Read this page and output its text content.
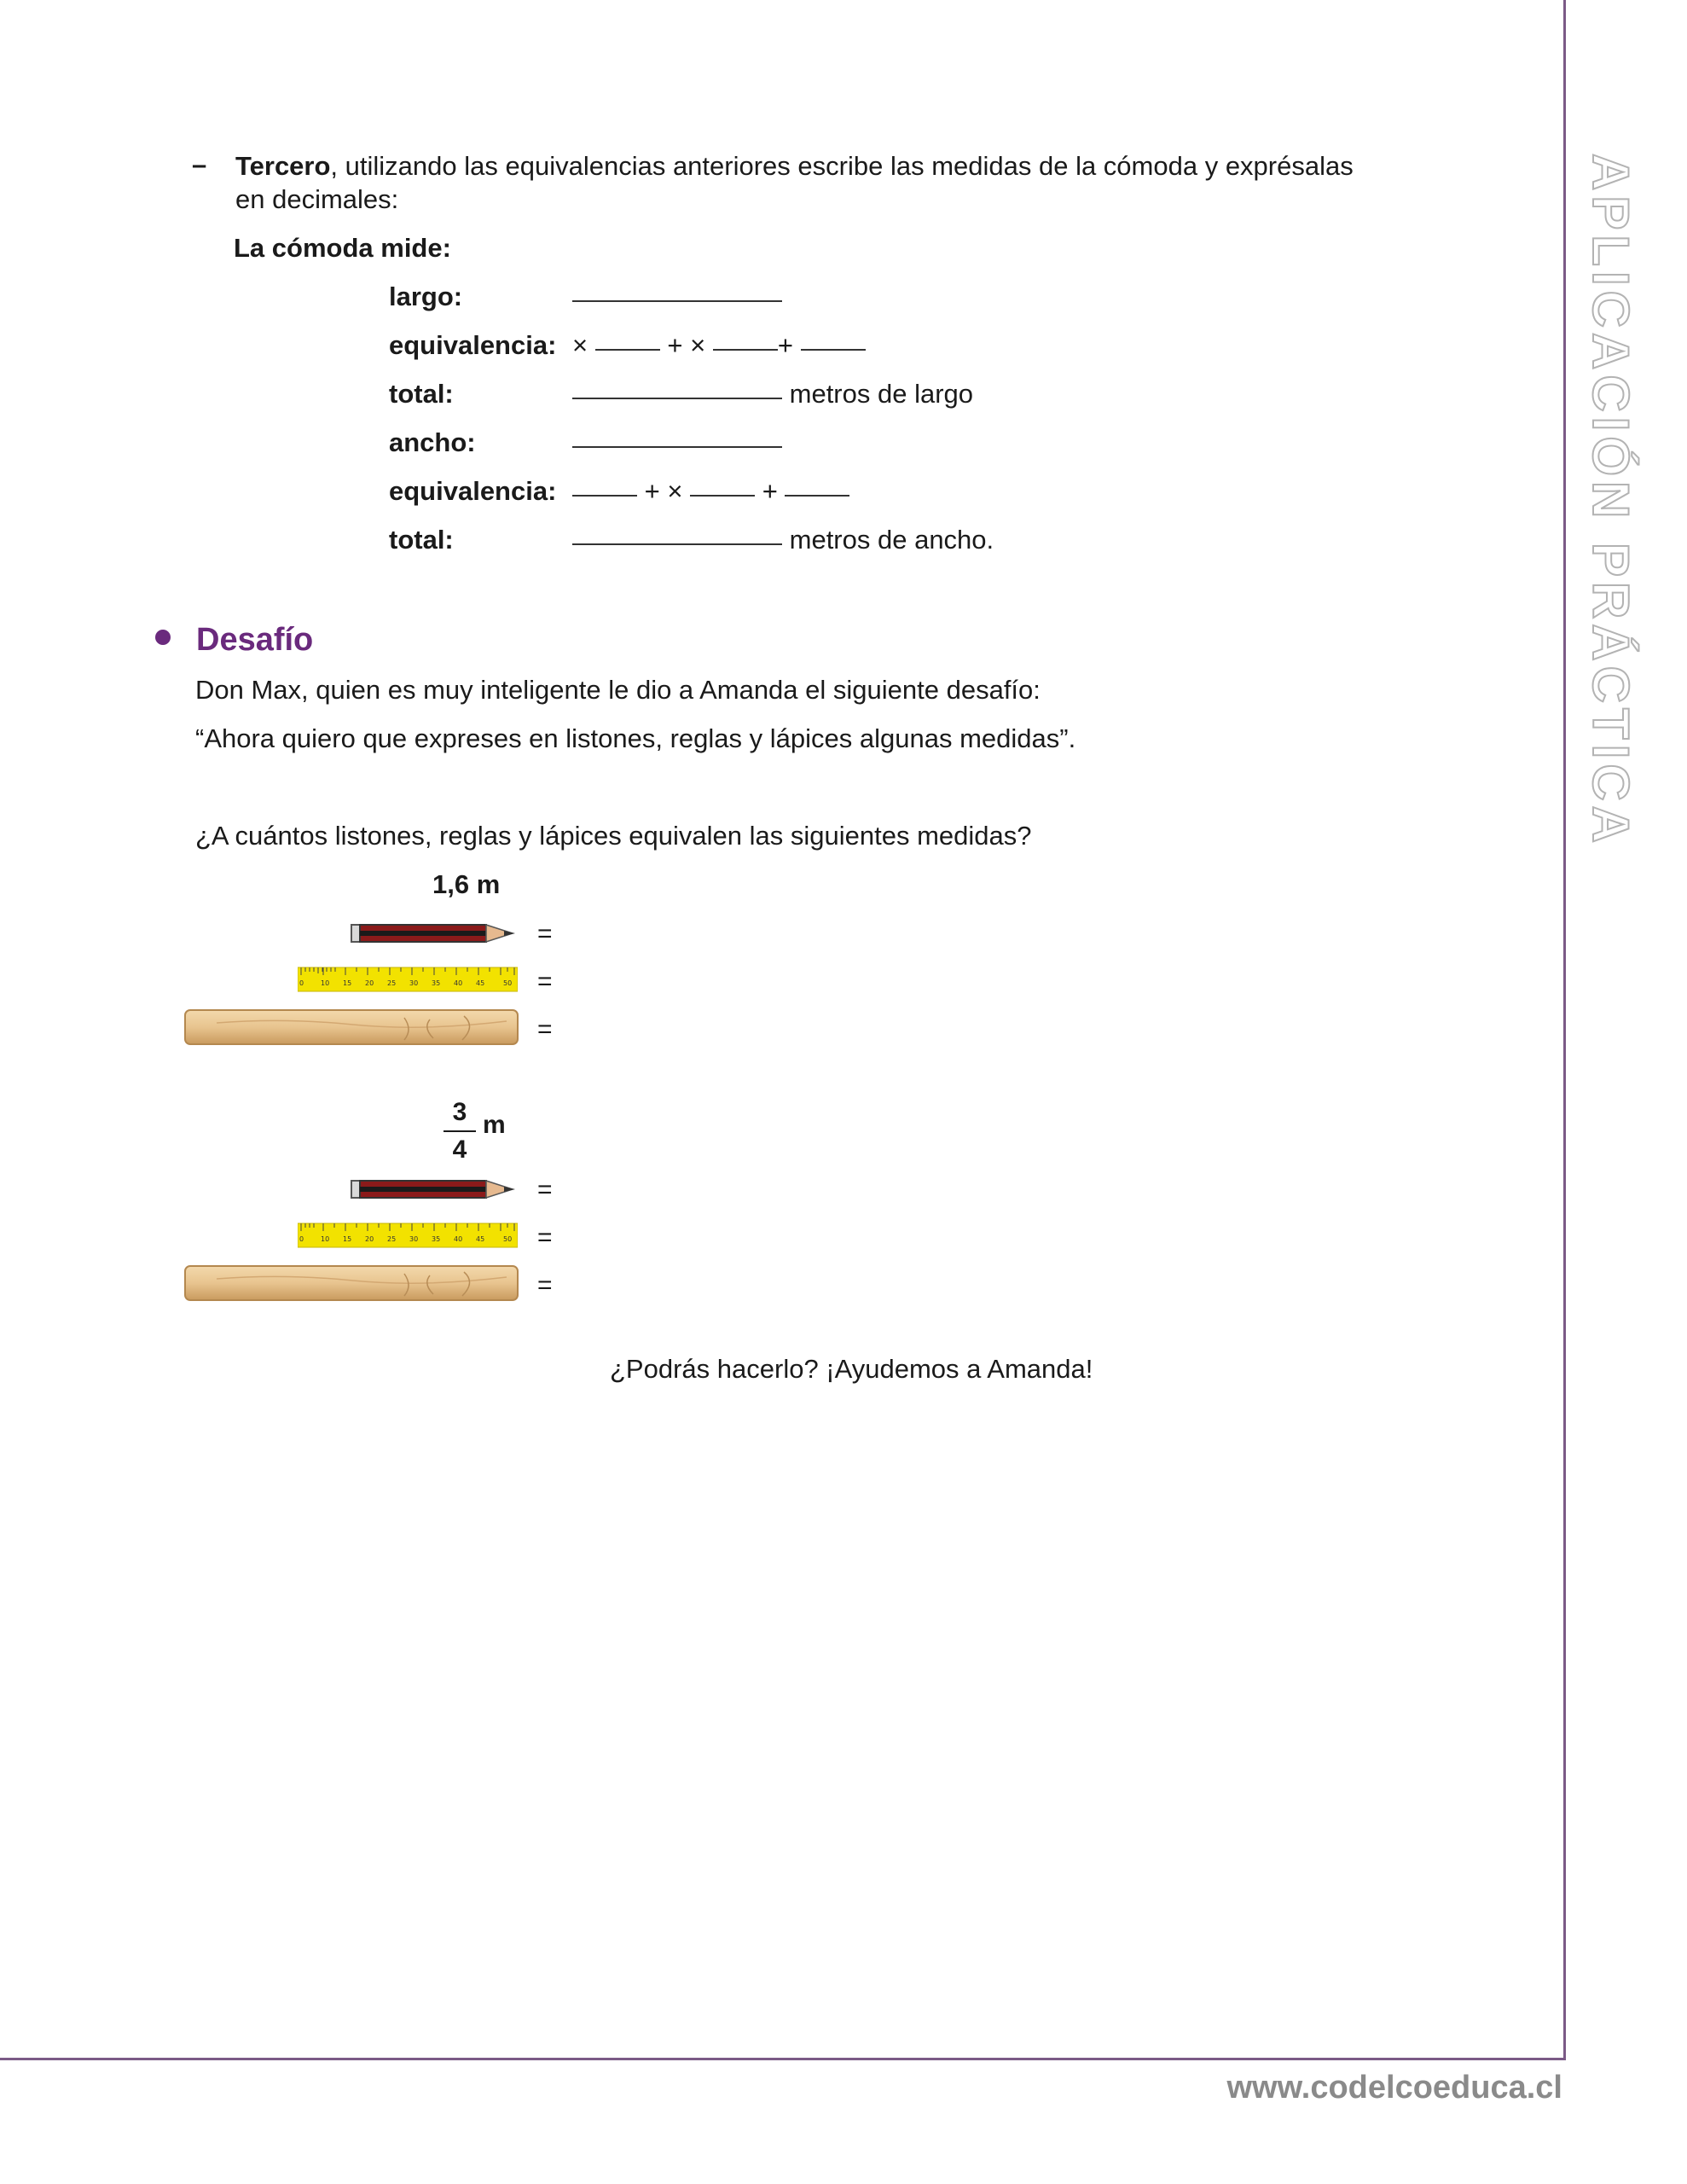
APLICACIÓN PRÁCTICA
www.codelcoeduca.cl
– Tercero, utilizando las equivalencias anteriores escribe las medidas de la cómoda y exprésalas
en decimales:
La cómoda mide:
largo:
equivalencia: ×	+ ×	+
total:	metros de largo
ancho:
equivalencia:	+ ×	+
total:	metros de ancho.
Desafío
Don Max, quien es muy inteligente le dio a Amanda el siguiente desafío:
“Ahora quiero que expreses en listones, reglas y lápices algunas medidas”.
¿A cuántos listones, reglas y lápices equivalen las siguientes medidas?
1,6 m
=
0 10 15 20 25 30 35 40 45	50 =
=
3
4
m
=
0 10 15 20 25 30 35 40 45	50 =
=
¿Podrás hacerlo? ¡Ayudemos a Amanda!
